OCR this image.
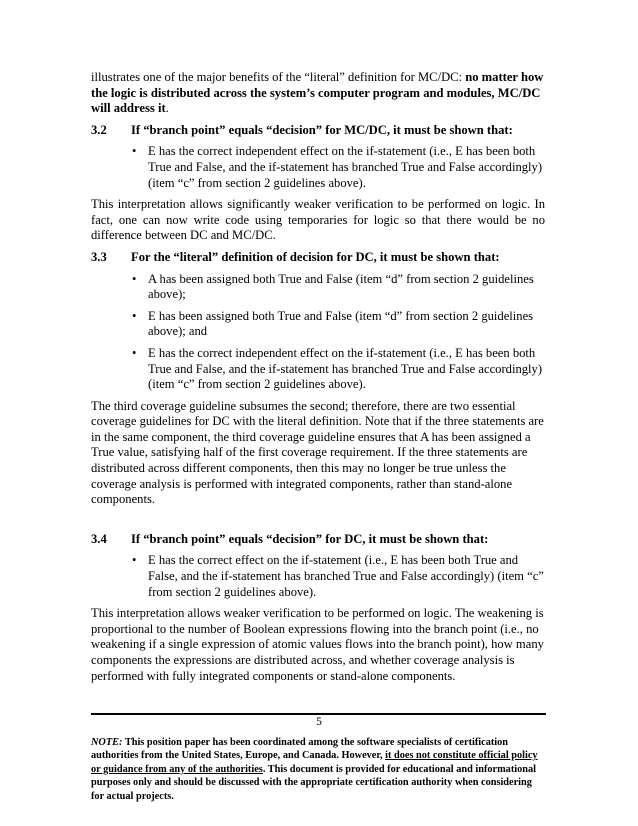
illustrates one of the major benefits of the “literal” definition for MC/DC: no matter how the logic is distributed across the system’s computer program and modules, MC/DC will address it.

3.2	If “branch point” equals “decision” for MC/DC, it must be shown that:
• E has the correct independent effect on the if-statement (i.e., E has been both True and False, and the if-statement has branched True and False accordingly) (item “c” from section 2 guidelines above).

This interpretation allows significantly weaker verification to be performed on logic. In fact, one can now write code using temporaries for logic so that there would be no difference between DC and MC/DC.

3.3	For the “literal” definition of decision for DC, it must be shown that:
• A has been assigned both True and False (item “d” from section 2 guidelines above);
• E has been assigned both True and False (item “d” from section 2 guidelines above); and
• E has the correct independent effect on the if-statement (i.e., E has been both True and False, and the if-statement has branched True and False accordingly) (item “c” from section 2 guidelines above).

The third coverage guideline subsumes the second; therefore, there are two essential coverage guidelines for DC with the literal definition. Note that if the three statements are in the same component, the third coverage guideline ensures that A has been assigned a True value, satisfying half of the first coverage requirement. If the three statements are distributed across different components, then this may no longer be true unless the coverage analysis is performed with integrated components, rather than stand-alone components.

3.4	If “branch point” equals “decision” for DC, it must be shown that:
• E has the correct effect on the if-statement (i.e., E has been both True and False, and the if-statement has branched True and False accordingly) (item “c” from section 2 guidelines above).

This interpretation allows weaker verification to be performed on logic. The weakening is proportional to the number of Boolean expressions flowing into the branch point (i.e., no weakening if a single expression of atomic values flows into the branch point), how many components the expressions are distributed across, and whether coverage analysis is performed with fully integrated components or stand-alone components.

5
NOTE: This position paper has been coordinated among the software specialists of certification authorities from the United States, Europe, and Canada. However, it does not constitute official policy or guidance from any of the authorities. This document is provided for educational and informational purposes only and should be discussed with the appropriate certification authority when considering for actual projects.
